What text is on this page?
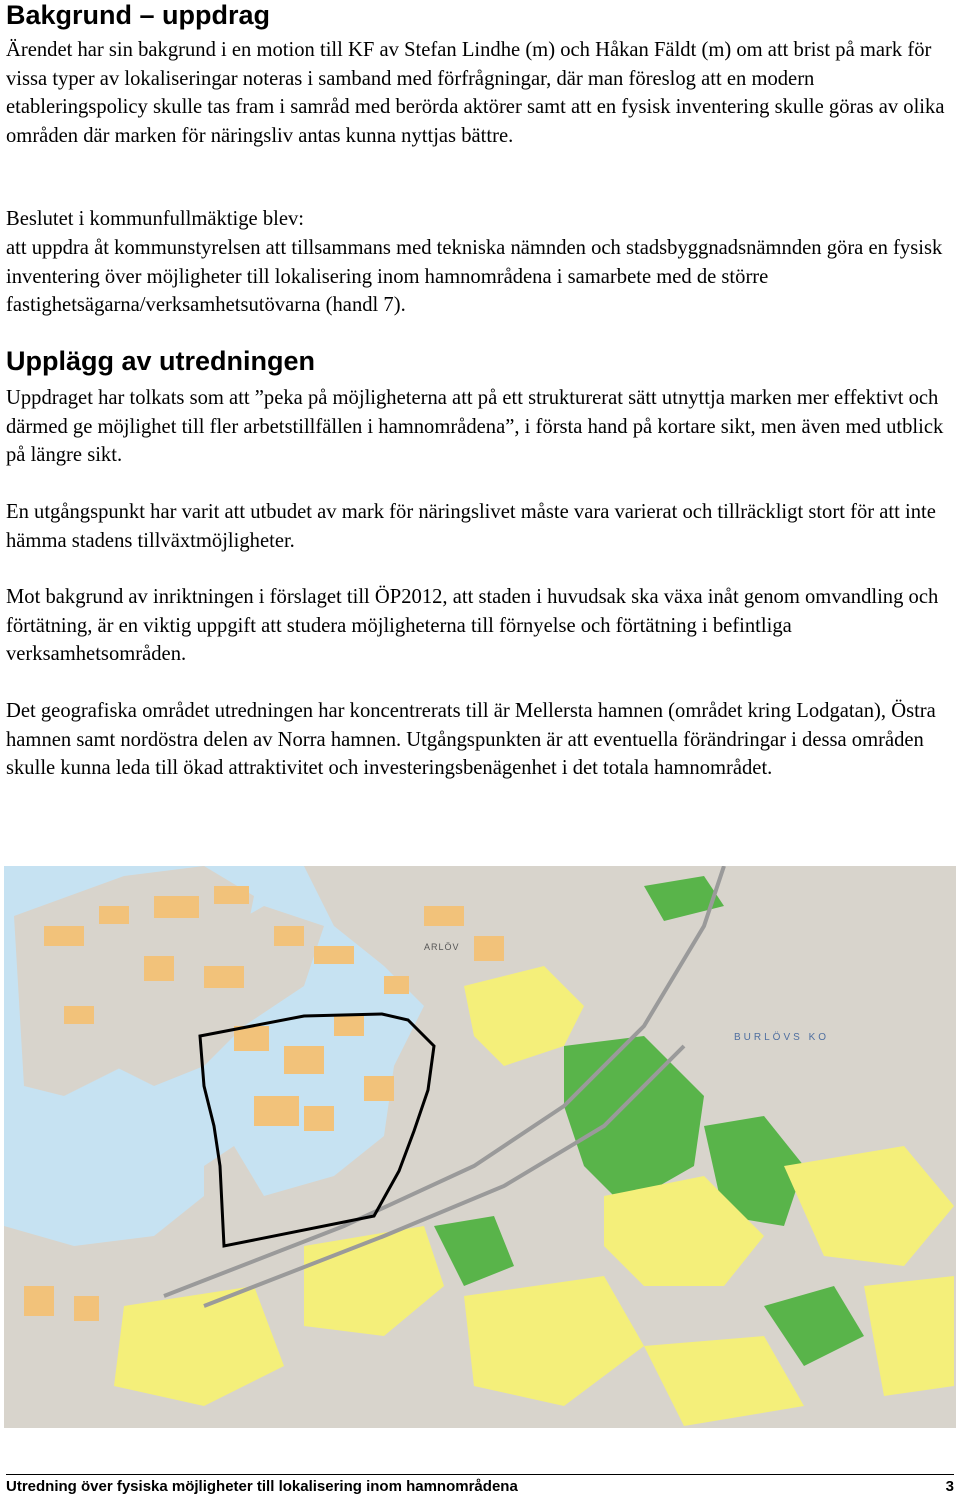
Bakgrund – uppdrag

Ärendet har sin bakgrund i en motion till KF av Stefan Lindhe (m) och Håkan Fäldt (m) om att brist på mark för vissa typer av lokaliseringar noteras i samband med förfrågningar, där man föreslog att en modern etableringspolicy skulle tas fram i samråd med berörda aktörer samt att en fysisk inventering skulle göras av olika områden där marken för näringsliv antas kunna nyttjas bättre.

Beslutet i kommunfullmäktige blev:

att uppdra åt kommunstyrelsen att tillsammans med tekniska nämnden och stadsbyggnadsnämnden göra en fysisk inventering över möjligheter till lokalisering inom hamnområdena i samarbete med de större fastighetsägarna/verksamhetsutövarna (handl 7).

Upplägg av utredningen

Uppdraget har tolkats som att ”peka på möjligheterna att på ett strukturerat sätt utnyttja marken mer effektivt och därmed ge möjlighet till fler arbetstillfällen i hamnområdena”, i första hand på kortare sikt, men även med utblick på längre sikt.

En utgångspunkt har varit att utbudet av mark för näringslivet måste vara varierat och tillräckligt stort för att inte hämma stadens tillväxtmöjligheter.

Mot bakgrund av inriktningen i förslaget till ÖP2012, att staden i huvudsak ska växa inåt genom omvandling och förtätning, är en viktig uppgift att studera möjligheterna till förnyelse och förtätning i befintliga verksamhetsområden.

Det geografiska området utredningen har koncentrerats till är Mellersta hamnen (området kring Lodgatan), Östra hamnen samt nordöstra delen av Norra hamnen. Utgångspunkten är att eventuella förändringar i dessa områden skulle kunna leda till ökad attraktivitet och investeringsbenägenhet i det totala hamnområdet.

ARLÖV
BURLÖVS KO
Utredning över fysiska möjligheter till lokalisering inom hamnområdena	3
